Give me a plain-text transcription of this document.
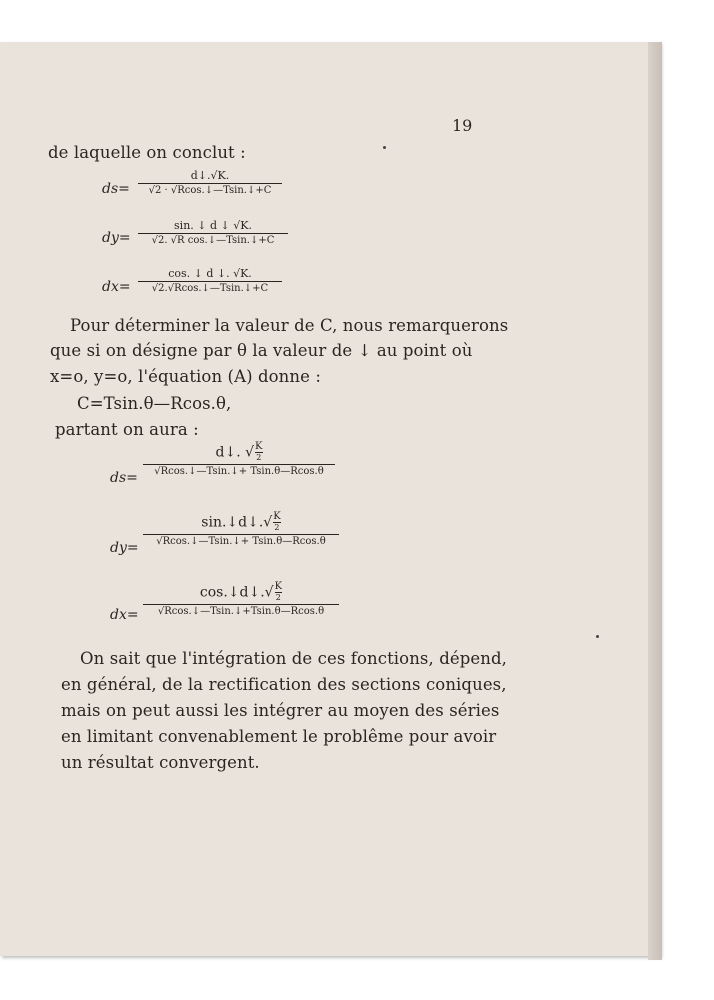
19
de laquelle on conclut :
ds=
d↓.√K.
√2 · √Rcos.↓—Tsin.↓+C
dy=
sin. ↓ d ↓ √K.
√2. √R cos.↓—Tsin.↓+C
dx=
cos. ↓ d ↓. √K.
√2.√Rcos.↓—Tsin.↓+C
Pour déterminer la valeur de C, nous remarquerons
que si on désigne par θ la valeur de ↓ au point où
x=o, y=o, l'équation (A) donne :
C=Tsin.θ—Rcos.θ,
partant on aura :
ds=
d↓. √ $\frac{K}{2}$
√Rcos.↓—Tsin.↓+ Tsin.θ—Rcos.θ
dy=
sin.↓d↓.√ $\frac{K}{2}$
√Rcos.↓—Tsin.↓+ Tsin.θ—Rcos.θ
dx=
cos.↓d↓.√ $\frac{K}{2}$
√Rcos.↓—Tsin.↓+Tsin.θ—Rcos.θ
On sait que l'intégration de ces fonctions, dépend,
en général, de la rectification des sections coniques,
mais on peut aussi les intégrer au moyen des séries
en limitant convenablement le problême pour avoir
un résultat convergent.
